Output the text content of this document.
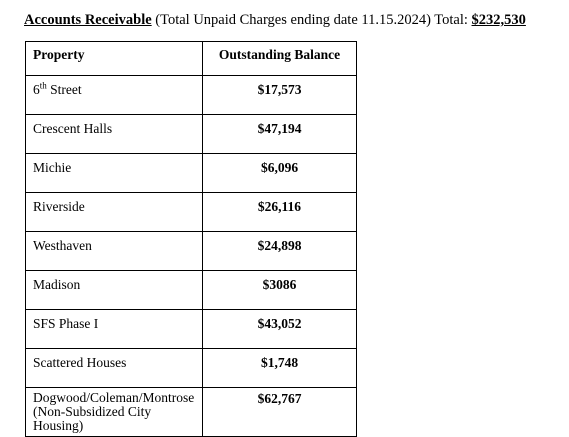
Accounts Receivable (Total Unpaid Charges ending date 11.15.2024) Total: $232,530
Property	Outstanding Balance
6th Street	$17,573
Crescent Halls	$47,194
Michie	$6,096
Riverside	$26,116
Westhaven	$24,898
Madison	$3086
SFS Phase I	$43,052
Scattered Houses	$1,748
Dogwood/Coleman/Montrose (Non-Subsidized City Housing)	$62,767
